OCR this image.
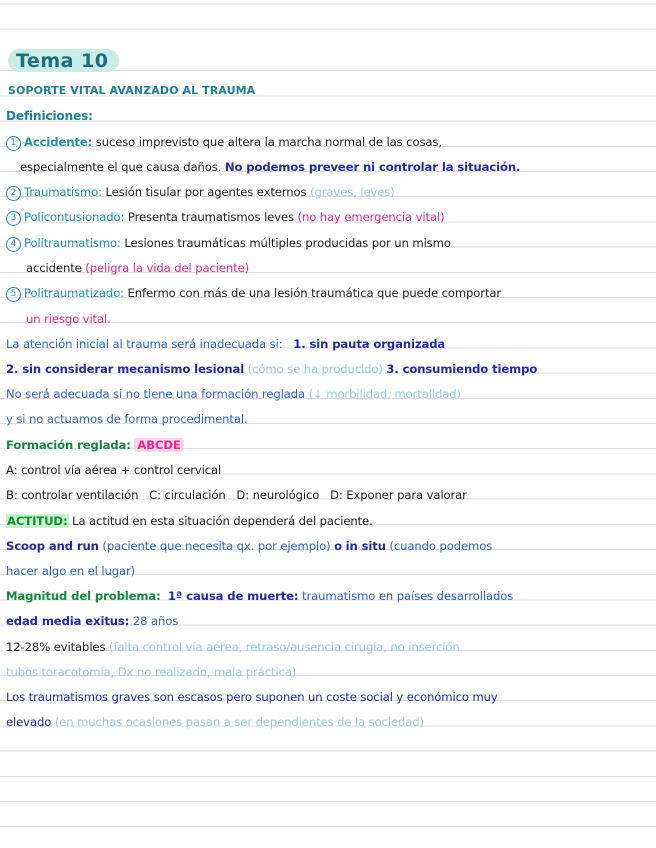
Tema 10
SOPORTE VITAL AVANZADO AL TRAUMA
Definiciones:
1 Accidente: suceso imprevisto que altera la marcha normal de las cosas,
especialmente el que causa daños. No podemos preveer ni controlar la situación.
2 Traumatismo: Lesión tisular por agentes externos (graves, leves)
3 Policontusionado: Presenta traumatismos leves (no hay emergencia vital)
4 Politraumatismo: Lesiones traumáticas múltiples producidas por un mismo
accidente (peligra la vida del paciente)
5 Politraumatizado: Enfermo con más de una lesión traumática que puede comportar
un riesgo vital.
La atención inicial al trauma será inadecuada si: 1. sin pauta organizada
2. sin considerar mecanismo lesional (cómo se ha producido) 3. consumiendo tiempo
No será adecuada si no tiene una formación reglada (↓ morbilidad, mortalidad)
y si no actuamos de forma procedimental.
Formación reglada: ABCDE
A: control vía aérea + control cervical
B: controlar ventilación C: circulación D: neurológico D: Exponer para valorar
ACTITUD: La actitud en esta situación dependerá del paciente.
Scoop and run (paciente que necesita qx. por ejemplo) o in situ (cuando podemos
hacer algo en el lugar)
Magnitud del problema: 1ª causa de muerte: traumatismo en países desarrollados
edad media exitus: 28 años
12-28% evitables (falta control vía aérea, retraso/ausencia cirugía, no inserción
tubos toracotomía, Dx no realizado, mala práctica)
Los traumatismos graves son escasos pero suponen un coste social y económico muy
elevado (en muchas ocasiones pasan a ser dependientes de la sociedad)
